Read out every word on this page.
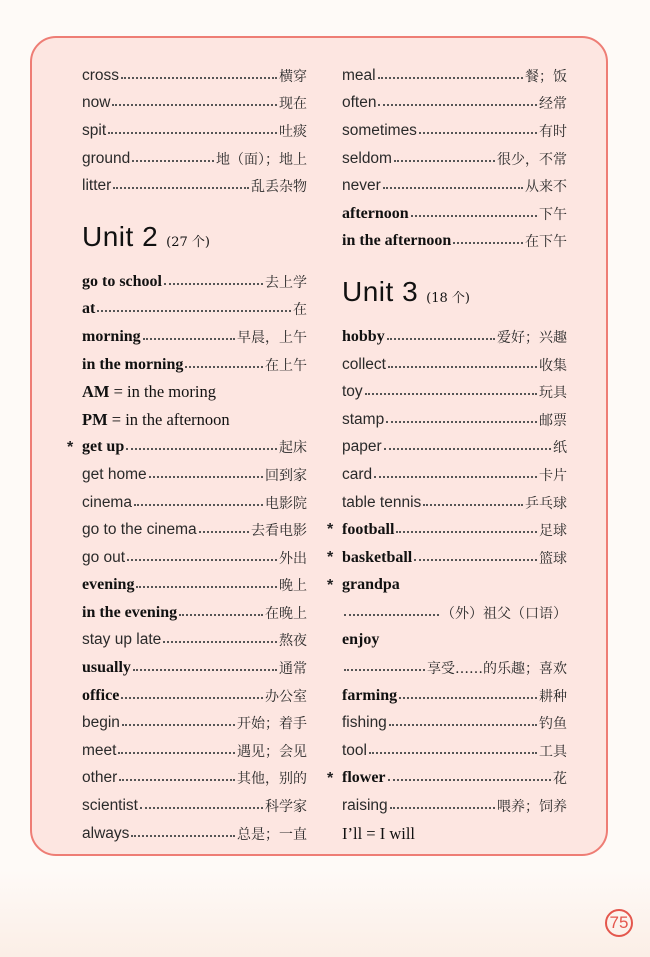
cross	横穿
now	现在
spit	吐痰
ground	地（面）；地上
litter	乱丢杂物
Unit 2 (27 个)
go to school	去上学
at	在
morning	早晨，上午
in the morning	在上午
AM = in the moring
PM = in the afternoon
* get up	起床
get home	回到家
cinema	电影院
go to the cinema	去看电影
go out	外出
evening	晚上
in the evening	在晚上
stay up late	熬夜
usually	通常
office	办公室
begin	开始；着手
meet	遇见；会见
other	其他，别的
scientist	科学家
always	总是；一直
meal	餐；饭
often	经常
sometimes	有时
seldom	很少，不常
never	从来不
afternoon	下午
in the afternoon	在下午
Unit 3 (18 个)
hobby	爱好；兴趣
collect	收集
toy	玩具
stamp	邮票
paper	纸
card	卡片
table tennis	乒乓球
* football	足球
* basketball	篮球
* grandpa
（外）祖父（口语）
enjoy
享受……的乐趣；喜欢
farming	耕种
fishing	钓鱼
tool	工具
* flower	花
raising	喂养；饲养
I’ll = I will
75
